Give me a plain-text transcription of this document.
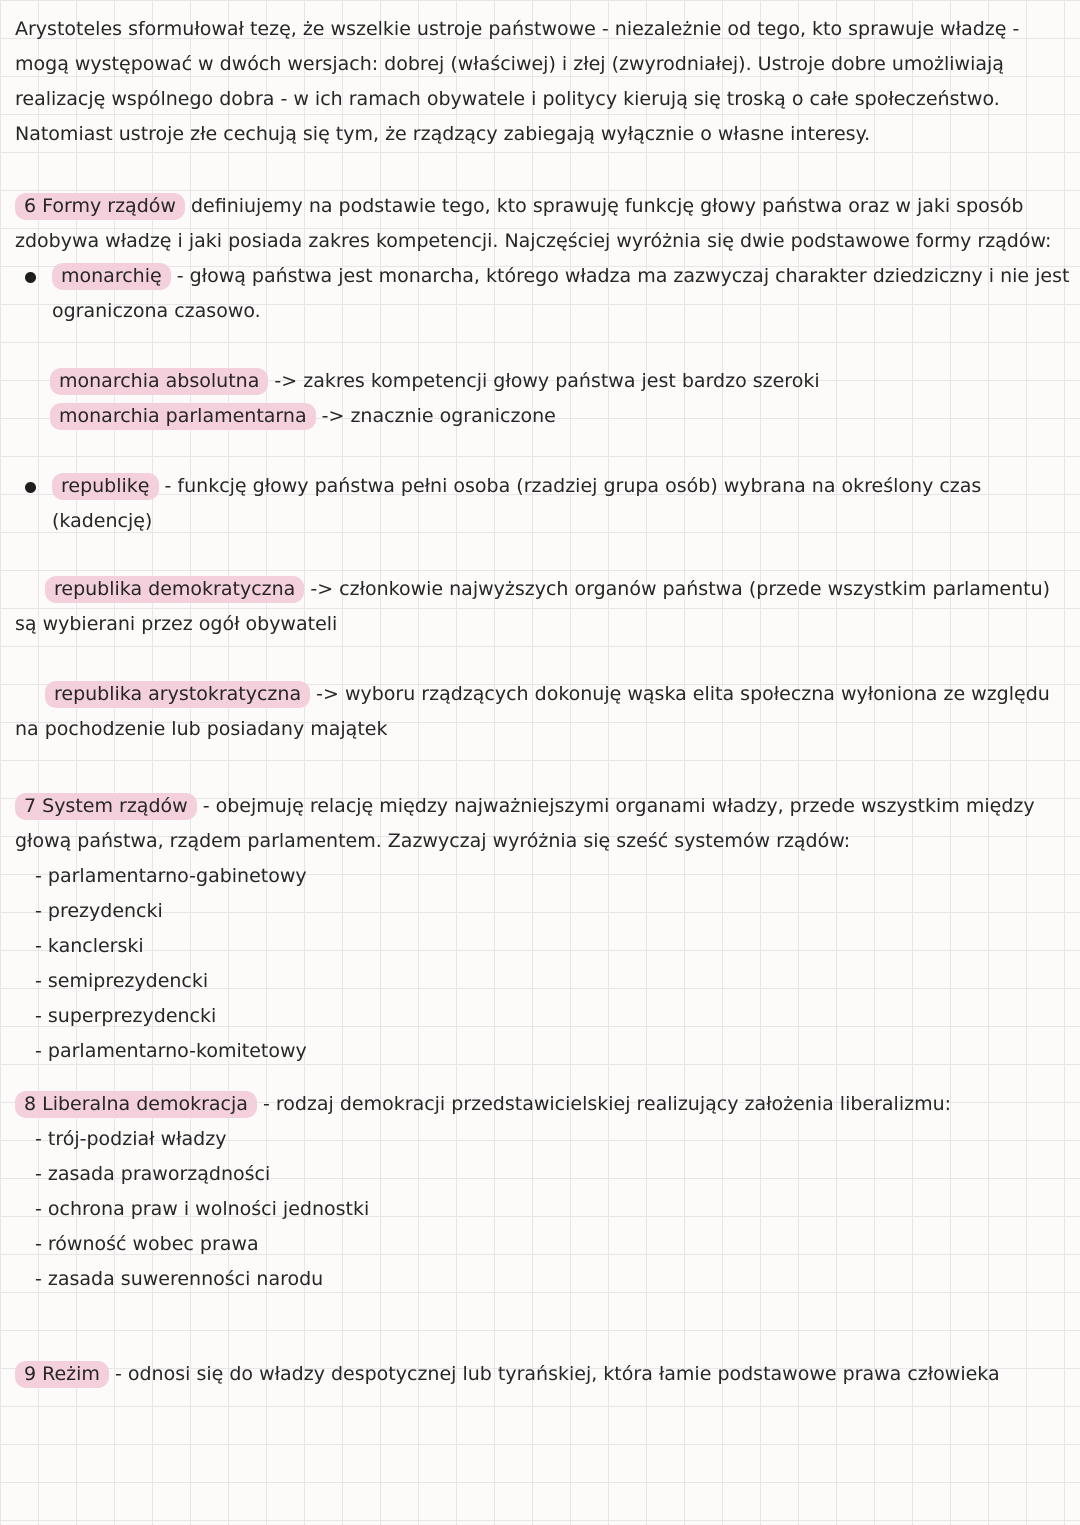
Arystoteles sformułował tezę, że wszelkie ustroje państwowe - niezależnie od tego, kto sprawuje władzę - mogą występować w dwóch wersjach: dobrej (właściwej) i złej (zwyrodniałej). Ustroje dobre umożliwiają realizację wspólnego dobra - w ich ramach obywatele i politycy kierują się troską o całe społeczeństwo. Natomiast ustroje złe cechują się tym, że rządzący zabiegają wyłącznie o własne interesy.
6 Formy rządów definiujemy na podstawie tego, kto sprawuję funkcję głowy państwa oraz w jaki sposób zdobywa władzę i jaki posiada zakres kompetencji. Najczęściej wyróżnia się dwie podstawowe formy rządów:
monarchię - głową państwa jest monarcha, którego władza ma zazwyczaj charakter dziedziczny i nie jest ograniczona czasowo.
monarchia absolutna -> zakres kompetencji głowy państwa jest bardzo szeroki
monarchia parlamentarna -> znacznie ograniczone
republikę - funkcję głowy państwa pełni osoba (rzadziej grupa osób) wybrana na określony czas (kadencję)
republika demokratyczna -> członkowie najwyższych organów państwa (przede wszystkim parlamentu) są wybierani przez ogół obywateli
republika arystokratyczna -> wyboru rządzących dokonuję wąska elita społeczna wyłoniona ze względu na pochodzenie lub posiadany majątek
7 System rządów - obejmuję relację między najważniejszymi organami władzy, przede wszystkim między głową państwa, rządem parlamentem. Zazwyczaj wyróżnia się sześć systemów rządów:
- parlamentarno-gabinetowy
- prezydencki
- kanclerski
- semiprezydencki
- superprezydencki
- parlamentarno-komitetowy
8 Liberalna demokracja - rodzaj demokracji przedstawicielskiej realizujący założenia liberalizmu:
- trój-podział władzy
- zasada praworządności
- ochrona praw i wolności jednostki
- równość wobec prawa
- zasada suwerenności narodu
9 Reżim - odnosi się do władzy despotycznej lub tyrańskiej, która łamie podstawowe prawa człowieka
